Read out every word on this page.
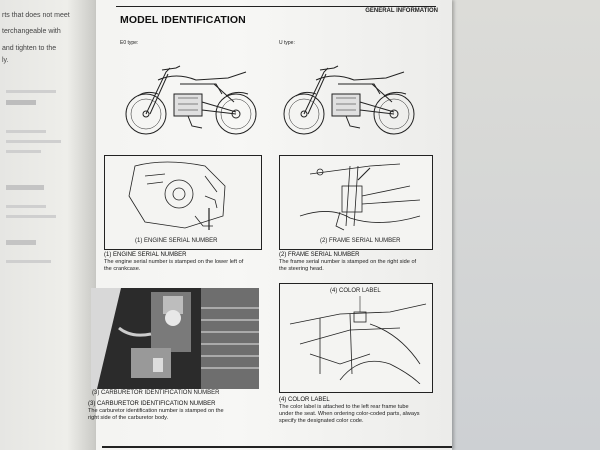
rts that does not meet
terchangeable with
and tighten to the
ly.
GENERAL INFORMATION
MODEL IDENTIFICATION
E0 type:	U type:
(1) ENGINE SERIAL NUMBER	(2) FRAME SERIAL NUMBER
(1) ENGINE SERIAL NUMBER
The engine serial number is stamped on the lower left of
the crankcase.
(2) FRAME SERIAL NUMBER
The frame serial number is stamped on the right side of
the steering head.
(4) COLOR LABEL
(3) CARBURETOR IDENTIFICATION NUMBER
(3) CARBURETOR IDENTIFICATION NUMBER
The carburetor identification number is stamped on the
right side of the carburetor body.
(4) COLOR LABEL
The color label is attached to the left rear frame tube
under the seat. When ordering color-coded parts, always
specify the designated color code.
